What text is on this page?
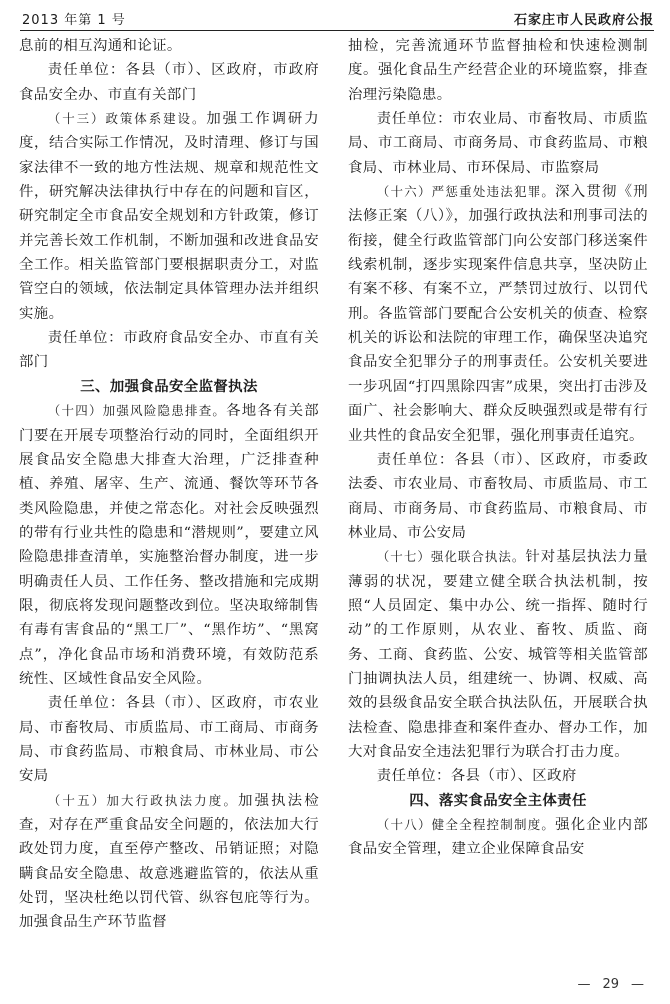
2013 年第 1 号	石家庄市人民政府公报

息前的相互沟通和论证。

责任单位：各县（市）、区政府，市政府食品安全办、市直有关部门

（十三）政策体系建设。加强工作调研力度，结合实际工作情况，及时清理、修订与国家法律不一致的地方性法规、规章和规范性文件，研究解决法律执行中存在的问题和盲区，研究制定全市食品安全规划和方针政策，修订并完善长效工作机制，不断加强和改进食品安全工作。相关监管部门要根据职责分工，对监管空白的领域，依法制定具体管理办法并组织实施。

责任单位：市政府食品安全办、市直有关部门

三、加强食品安全监督执法

（十四）加强风险隐患排查。各地各有关部门要在开展专项整治行动的同时，全面组织开展食品安全隐患大排查大治理，广泛排查种植、养殖、屠宰、生产、流通、餐饮等环节各类风险隐患，并使之常态化。对社会反映强烈的带有行业共性的隐患和“潜规则”，要建立风险隐患排查清单，实施整治督办制度，进一步明确责任人员、工作任务、整改措施和完成期限，彻底将发现问题整改到位。坚决取缔制售有毒有害食品的“黑工厂”、“黑作坊”、“黑窝点”，净化食品市场和消费环境，有效防范系统性、区域性食品安全风险。

责任单位：各县（市）、区政府，市农业局、市畜牧局、市质监局、市工商局、市商务局、市食药监局、市粮食局、市林业局、市公安局

（十五）加大行政执法力度。加强执法检查，对存在严重食品安全问题的，依法加大行政处罚力度，直至停产整改、吊销证照；对隐瞒食品安全隐患、故意逃避监管的，依法从重处罚，坚决杜绝以罚代管、纵容包庇等行为。加强食品生产环节监督

抽检，完善流通环节监督抽检和快速检测制度。强化食品生产经营企业的环境监察，排查治理污染隐患。

责任单位：市农业局、市畜牧局、市质监局、市工商局、市商务局、市食药监局、市粮食局、市林业局、市环保局、市监察局

（十六）严惩重处违法犯罪。深入贯彻《刑法修正案（八）》，加强行政执法和刑事司法的衔接，健全行政监管部门向公安部门移送案件线索机制，逐步实现案件信息共享，坚决防止有案不移、有案不立，严禁罚过放行、以罚代刑。各监管部门要配合公安机关的侦查、检察机关的诉讼和法院的审理工作，确保坚决追究食品安全犯罪分子的刑事责任。公安机关要进一步巩固“打四黑除四害”成果，突出打击涉及面广、社会影响大、群众反映强烈或是带有行业共性的食品安全犯罪，强化刑事责任追究。

责任单位：各县（市）、区政府，市委政法委、市农业局、市畜牧局、市质监局、市工商局、市商务局、市食药监局、市粮食局、市林业局、市公安局

（十七）强化联合执法。针对基层执法力量薄弱的状况，要建立健全联合执法机制，按照“人员固定、集中办公、统一指挥、随时行动”的工作原则，从农业、畜牧、质监、商务、工商、食药监、公安、城管等相关监管部门抽调执法人员，组建统一、协调、权威、高效的县级食品安全联合执法队伍，开展联合执法检查、隐患排查和案件查办、督办工作，加大对食品安全违法犯罪行为联合打击力度。

责任单位：各县（市）、区政府

四、落实食品安全主体责任

（十八）健全全程控制制度。强化企业内部食品安全管理，建立企业保障食品安

— 29 —
